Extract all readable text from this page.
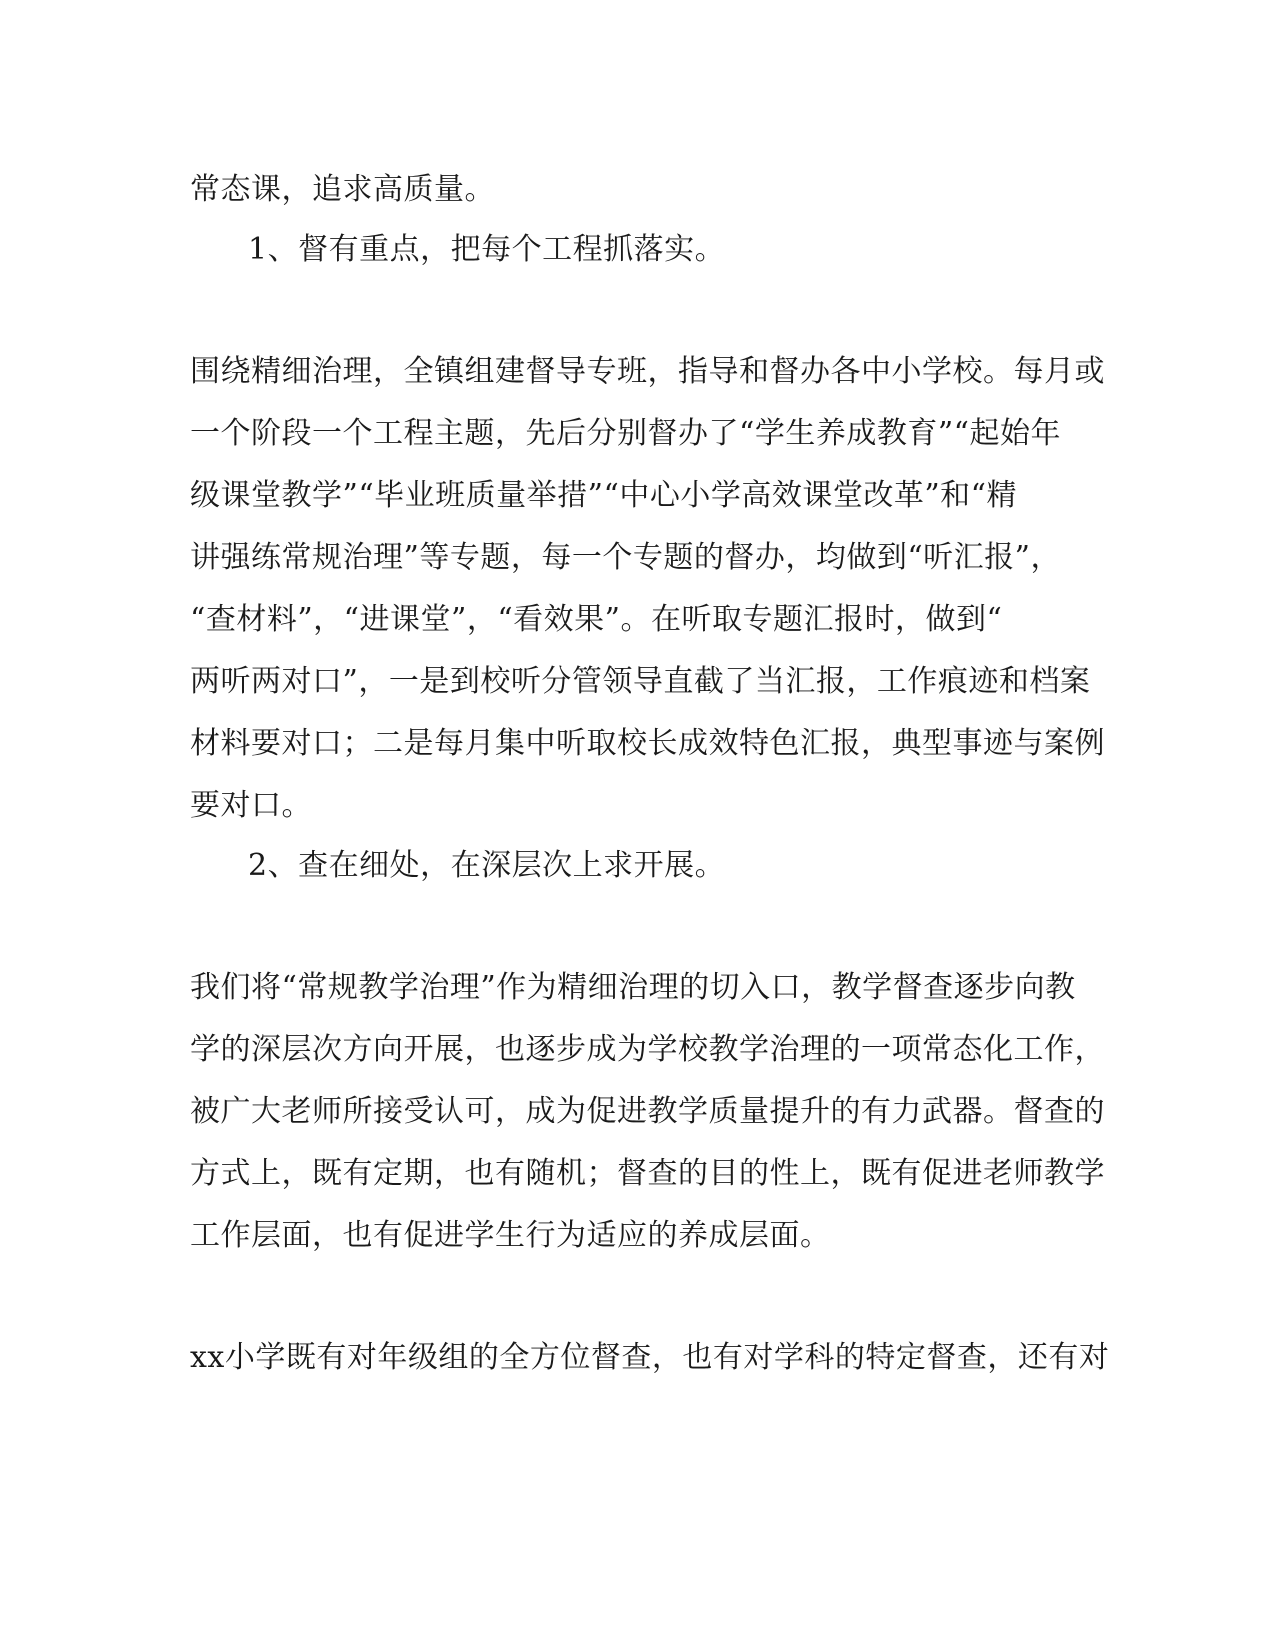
常态课，追求高质量。
1、督有重点，把每个工程抓落实。
围绕精细治理，全镇组建督导专班，指导和督办各中小学校。每月或
一个阶段一个工程主题，先后分别督办了“学生养成教育”“起始年
级课堂教学”“毕业班质量举措”“中心小学高效课堂改革”和“精
讲强练常规治理”等专题，每一个专题的督办，均做到“听汇报”，
“查材料”，“进课堂”，“看效果”。在听取专题汇报时，做到“
两听两对口”，一是到校听分管领导直截了当汇报，工作痕迹和档案
材料要对口；二是每月集中听取校长成效特色汇报，典型事迹与案例
要对口。
2、查在细处，在深层次上求开展。
我们将“常规教学治理”作为精细治理的切入口，教学督查逐步向教
学的深层次方向开展，也逐步成为学校教学治理的一项常态化工作，
被广大老师所接受认可，成为促进教学质量提升的有力武器。督查的
方式上，既有定期，也有随机；督查的目的性上，既有促进老师教学
工作层面，也有促进学生行为适应的养成层面。
xx小学既有对年级组的全方位督查，也有对学科的特定督查，还有对
